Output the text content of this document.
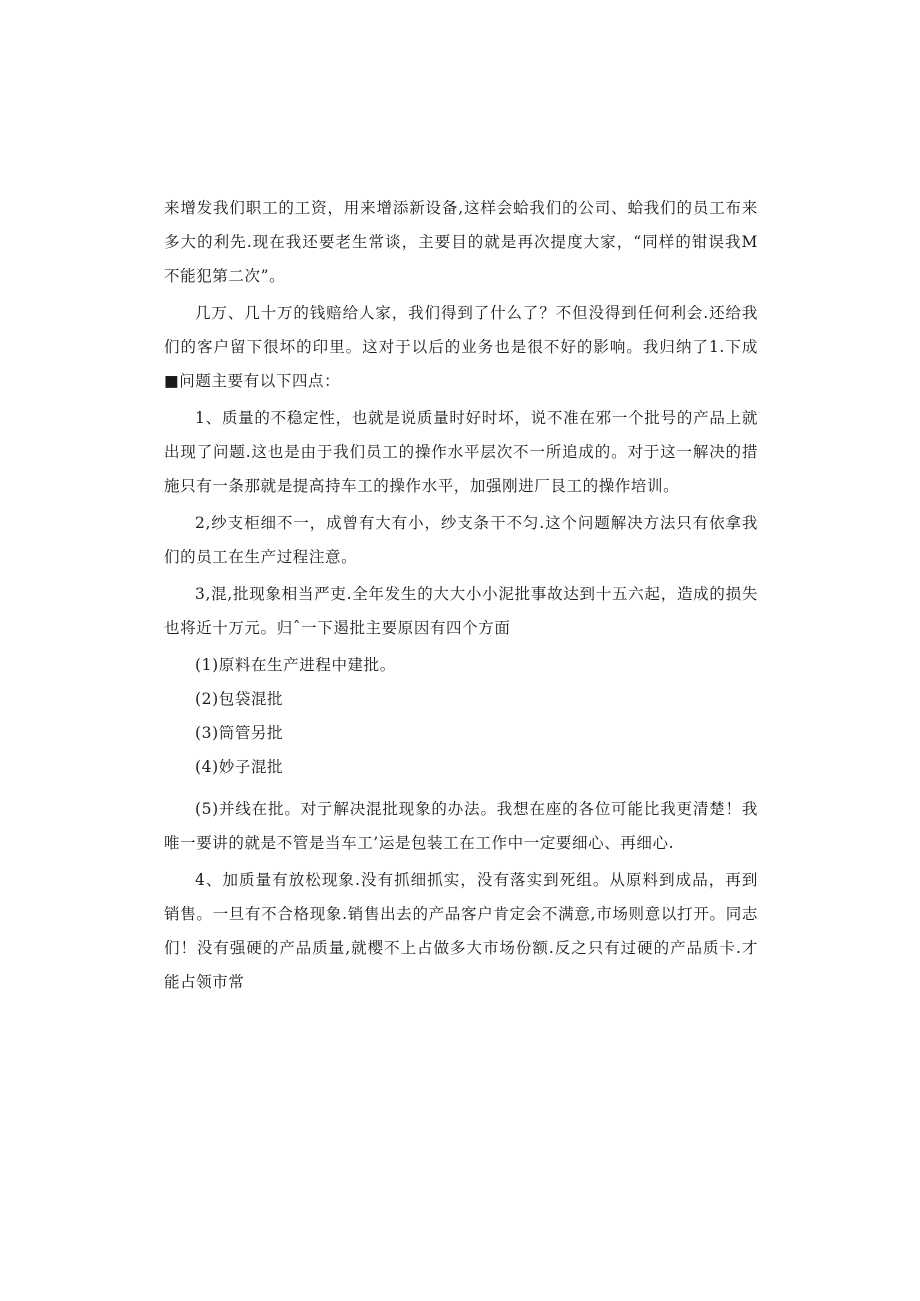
来增发我们职工的工资，用来增添新设备,这样会蛤我们的公司、蛤我们的员工布来多大的利先.现在我还要老生常谈，主要目的就是再次提度大家，“同样的钳误我M不能犯第二次”。

几万、几十万的钱赔给人家，我们得到了什么了？不但没得到任何利会.还给我们的客户留下很坏的印里。这对于以后的业务也是很不好的影响。我归纳了1.下成■问题主要有以下四点：

1、质量的不稳定性，也就是说质量时好时坏，说不准在邪一个批号的产品上就出现了问题.这也是由于我们员工的操作水平层次不一所追成的。对于这一解决的措施只有一条那就是提高持车工的操作水平，加强刚进厂艮工的操作培训。

2,纱支柜细不一，成曾有大有小，纱支条干不匀.这个问题解决方法只有依拿我们的员工在生产过程注意。

3,混,批现象相当严吏.全年发生的大大小小泥批事故达到十五六起，造成的损失也将近十万元。归ˆ一下遏批主要原因有四个方面

(1)原料在生产进程中建批。

(2)包袋混批

(3)筒管另批

(4)妙子混批

(5)并线在批。对亍解决混批现象的办法。我想在座的各位可能比我更清楚！我唯一要讲的就是不管是当车工’运是包装工在工作中一定要细心、再细心.

4、加质量有放松现象.没有抓细抓实，没有落实到死组。从原料到成品，再到销售。一旦有不合格现象.销售出去的产品客户肯定会不满意,市场则意以打开。同志们！没有强硬的产品质量,就樱不上占做多大市场份额.反之只有过硬的产品质卡.才能占领市常
